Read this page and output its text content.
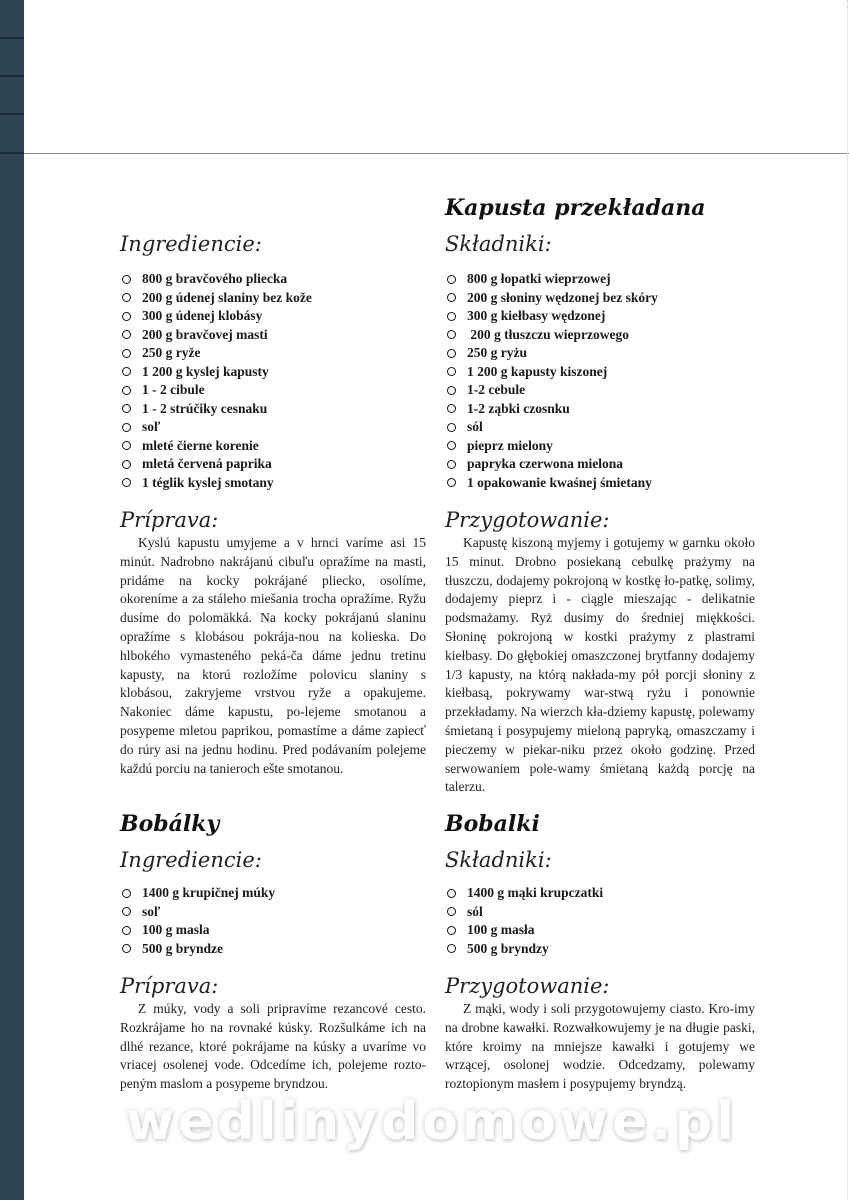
Ingrediencie:
800 g bravčového pliecka
200 g údenej slaniny bez kože
300 g údenej klobásy
200 g bravčovej masti
250 g ryže
1 200 g kyslej kapusty
1 - 2 cibule
1 - 2 strúčiky cesnaku
soľ
mleté čierne korenie
mletá červená paprika
1 téglik kyslej smotany
Príprava:

Kyslú kapustu umyjeme a v hrnci varíme asi 15 minút. Nadrobno nakrájanú cibuľu opražíme na masti, pridáme na kocky pokrájané pliecko, osolíme, okoreníme a za stáleho miešania trocha opražíme. Ryžu dusíme do polomäkká. Na kocky pokrájanú slaninu opražíme s klobásou pokrája-nou na kolieska. Do hlbokého vymasteného peká-ča dáme jednu tretinu kapusty, na ktorú rozložíme polovicu slaniny s klobásou, zakryjeme vrstvou ryže a opakujeme. Nakoniec dáme kapustu, po-lejeme smotanou a posypeme mletou paprikou, pomastíme a dáme zapiecť do rúry asi na jednu hodinu. Pred podávaním polejeme každú porciu na tanieroch ešte smotanou.

Kapusta przekładana
Składniki:
800 g łopatki wieprzowej
200 g słoniny wędzonej bez skóry
300 g kiełbasy wędzonej
200 g tłuszczu wieprzowego
250 g ryżu
1 200 g kapusty kiszonej
1-2 cebule
1-2 ząbki czosnku
sól
pieprz mielony
papryka czerwona mielona
1 opakowanie kwaśnej śmietany
Przygotowanie:

Kapustę kiszoną myjemy i gotujemy w garnku około 15 minut. Drobno posiekaną cebulkę prażymy na tłuszczu, dodajemy pokrojoną w kostkę ło-patkę, solimy, dodajemy pieprz i - ciągle mieszając - delikatnie podsmażamy. Ryż dusimy do średniej miękkości. Słoninę pokrojoną w kostki prażymy z plastrami kiełbasy. Do głębokiej omaszczonej brytfanny dodajemy 1/3 kapusty, na którą nakłada-my pół porcji słoniny z kiełbasą, pokrywamy war-stwą ryżu i ponownie przekładamy. Na wierzch kła-dziemy kapustę, polewamy śmietaną i posypujemy mieloną papryką, omaszczamy i pieczemy w piekar-niku przez około godzinę. Przed serwowaniem pole-wamy śmietaną każdą porcję na talerzu.

Bobálky
Ingrediencie:
1400 g krupičnej múky
soľ
100 g masla
500 g bryndze
Príprava:

Z múky, vody a soli pripravíme rezancové cesto. Rozkrájame ho na rovnaké kúsky. Rozšulkáme ich na dlhé rezance, ktoré pokrájame na kúsky a uvaríme vo vriacej osolenej vode. Odcedíme ich, polejeme rozto-peným maslom a posypeme bryndzou.

Bobalki
Składniki:
1400 g mąki krupczatki
sól
100 g masła
500 g bryndzy
Przygotowanie:

Z mąki, wody i soli przygotowujemy ciasto. Kro-imy na drobne kawałki. Rozwałkowujemy je na długie paski, które kroimy na mniejsze kawałki i gotujemy we wrzącej, osolonej wodzie. Odcedzamy, polewamy roztopionym masłem i posypujemy bryndzą.

wedlinydomowe.pl
